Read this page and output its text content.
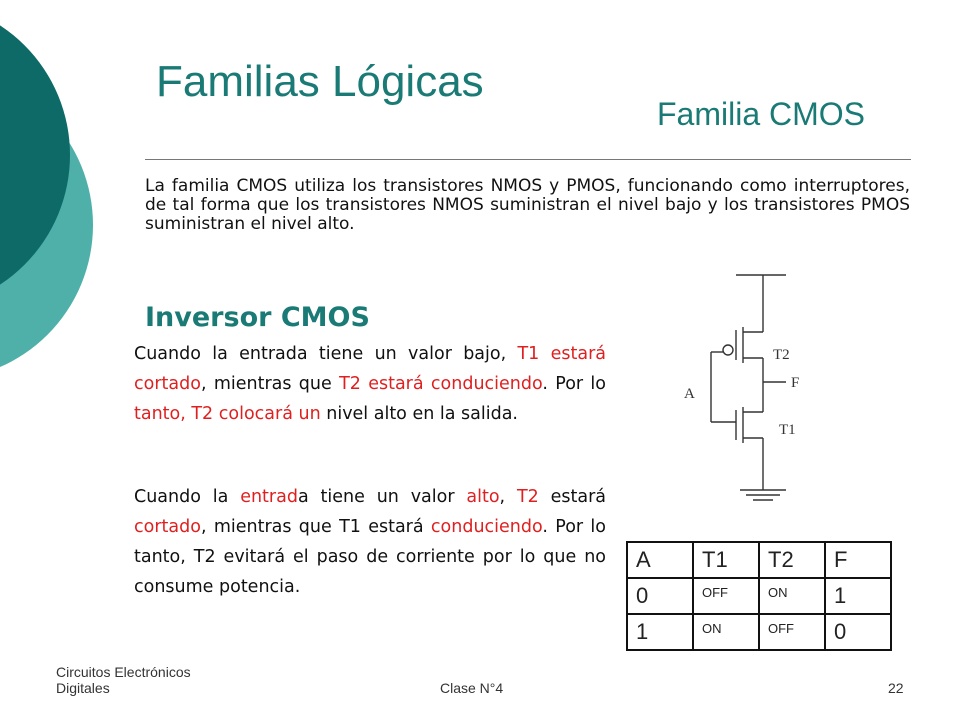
Familias Lógicas
Familia CMOS

La familia CMOS utiliza los transistores NMOS y PMOS, funcionando como interruptores, de tal forma que los transistores NMOS suministran el nivel bajo y los transistores PMOS suministran el nivel alto.

Inversor CMOS

Cuando la entrada tiene un valor bajo, T1 estará cortado, mientras que T2 estará conduciendo. Por lo tanto, T2 colocará un nivel alto en la salida.

Cuando la entrada tiene un valor alto, T2 estará cortado, mientras que T1 estará conduciendo. Por lo tanto, T2 evitará el paso de corriente por lo que no consume potencia.

T2
F
A
T1
A	T1	T2	F
0	OFF	ON	1
1	ON	OFF	0
Circuitos Electrónicos
Digitales	Clase N°4	22
